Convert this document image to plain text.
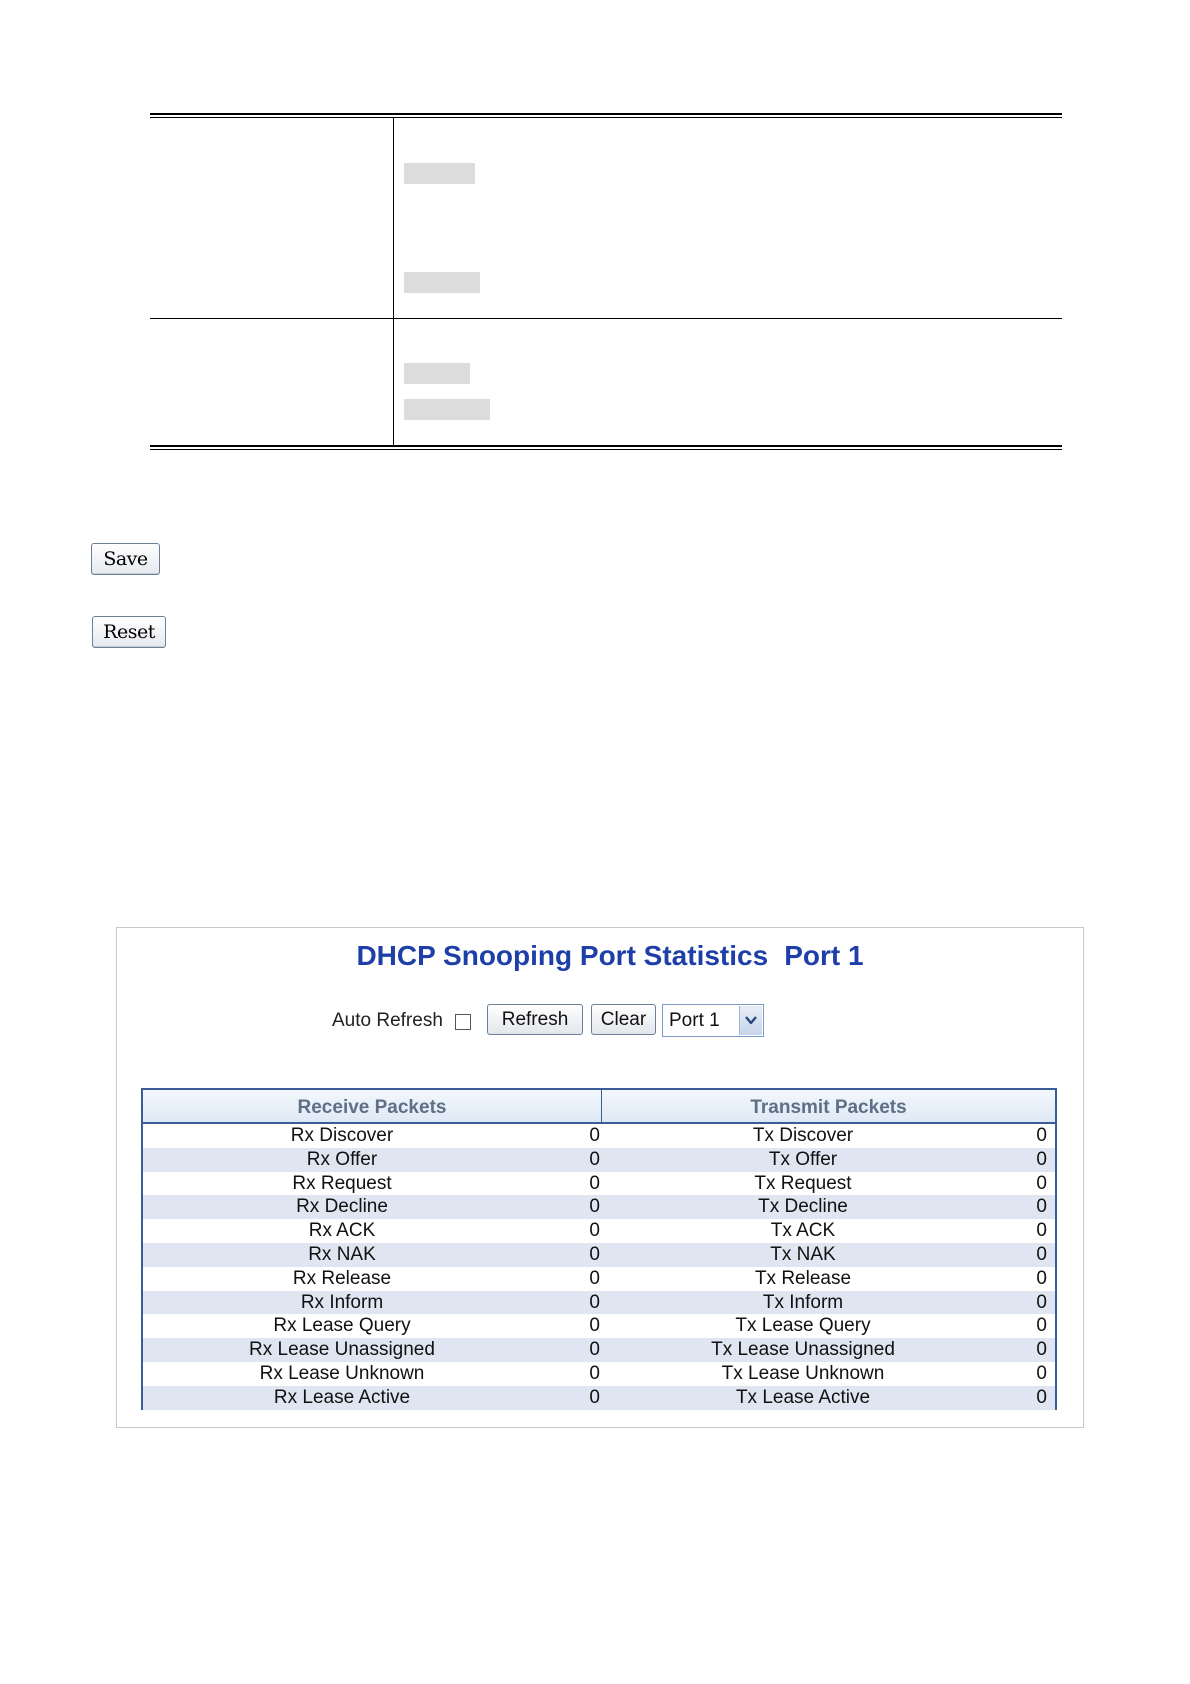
Save
Reset
DHCP Snooping Port Statistics Port 1
Auto Refresh	Refresh	Clear	Port 1
Receive Packets	Transmit Packets
Rx Discover	0	Tx Discover	0
Rx Offer	0	Tx Offer	0
Rx Request	0	Tx Request	0
Rx Decline	0	Tx Decline	0
Rx ACK	0	Tx ACK	0
Rx NAK	0	Tx NAK	0
Rx Release	0	Tx Release	0
Rx Inform	0	Tx Inform	0
Rx Lease Query	0	Tx Lease Query	0
Rx Lease Unassigned	0	Tx Lease Unassigned	0
Rx Lease Unknown	0	Tx Lease Unknown	0
Rx Lease Active	0	Tx Lease Active	0
